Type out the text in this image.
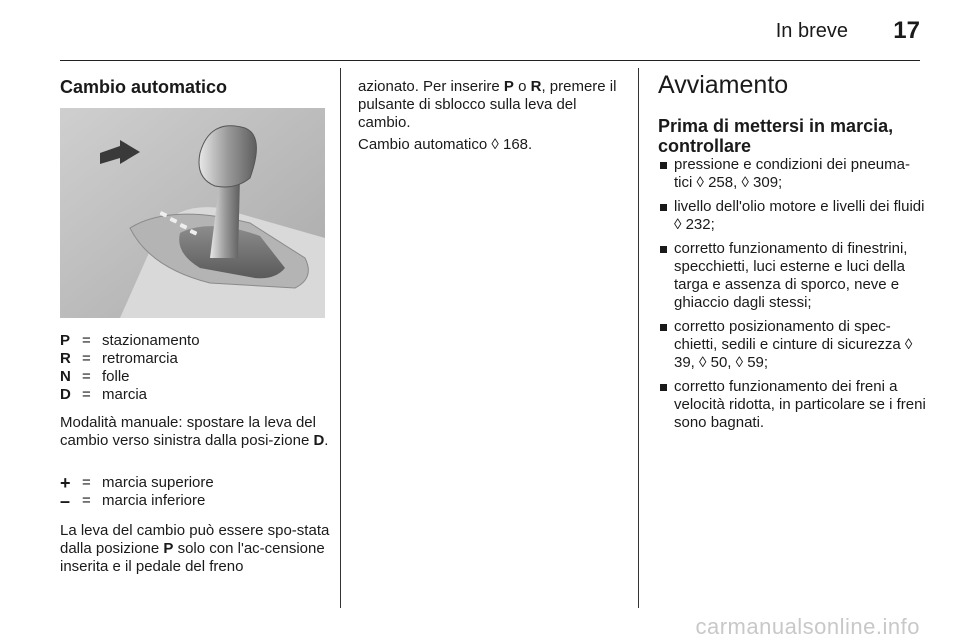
In breve 17
Cambio automatico
P = stazionamento
R = retromarcia
N = folle
D = marcia

Modalità manuale: spostare la leva del cambio verso sinistra dalla posi-zione D.

+ = marcia superiore
– = marcia inferiore

La leva del cambio può essere spo-stata dalla posizione P solo con l'ac-censione inserita e il pedale del freno

azionato. Per inserire P o R, premere il pulsante di sblocco sulla leva del cambio.

Cambio automatico ◊ 168.

Avviamento
Prima di mettersi in marcia, controllare
pressione e condizioni dei pneuma-tici ◊ 258, ◊ 309;
livello dell'olio motore e livelli dei fluidi ◊ 232;
corretto funzionamento di finestrini, specchietti, luci esterne e luci della targa e assenza di sporco, neve e ghiaccio dagli stessi;
corretto posizionamento di spec-chietti, sedili e cinture di sicurezza ◊ 39, ◊ 50, ◊ 59;
corretto funzionamento dei freni a velocità ridotta, in particolare se i freni sono bagnati.
carmanualsonline.info
